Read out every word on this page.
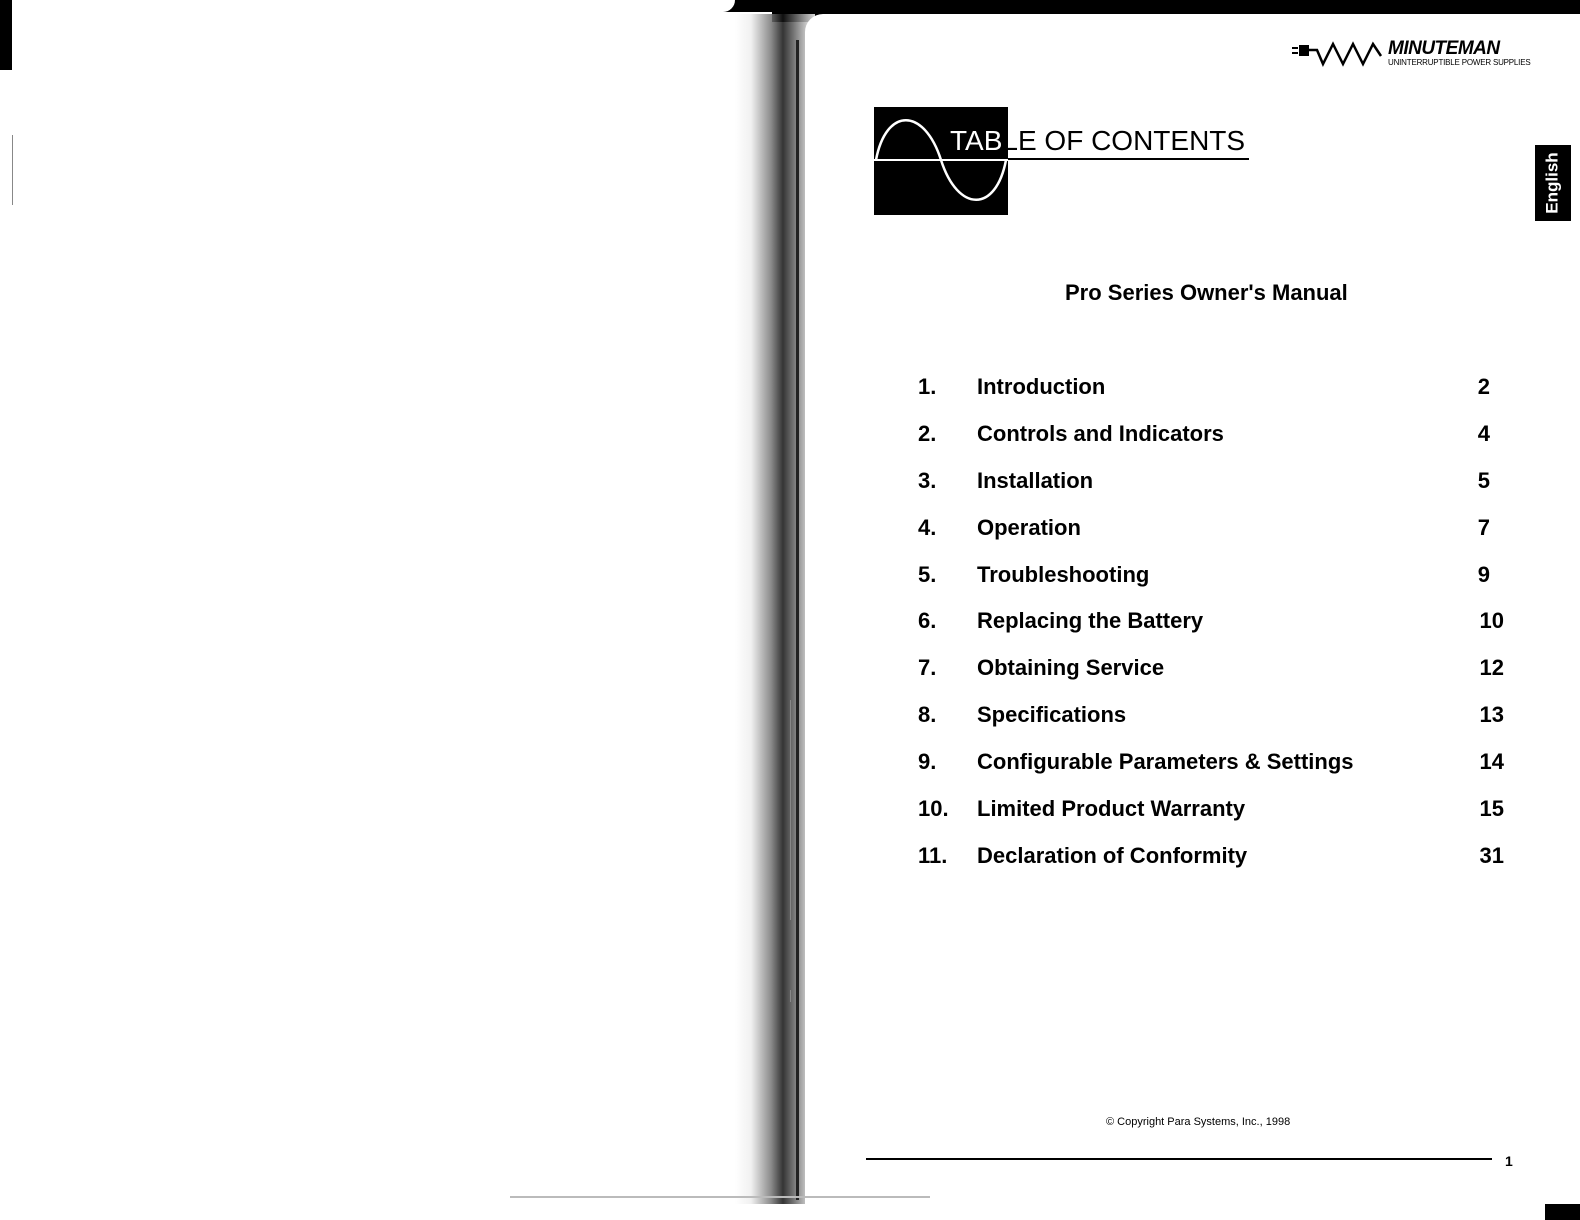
MINUTEMAN
UNINTERRUPTIBLE POWER SUPPLIES
English
TABLE OF CONTENTS
Pro Series Owner's Manual
1. Introduction	2
2. Controls and Indicators	4
3. Installation	5
4. Operation	7
5. Troubleshooting	9
6. Replacing the Battery	10
7. Obtaining Service	12
8. Specifications	13
9. Configurable Parameters & Settings	14
10. Limited Product Warranty	15
11. Declaration of Conformity	31
© Copyright Para Systems, Inc., 1998
1
